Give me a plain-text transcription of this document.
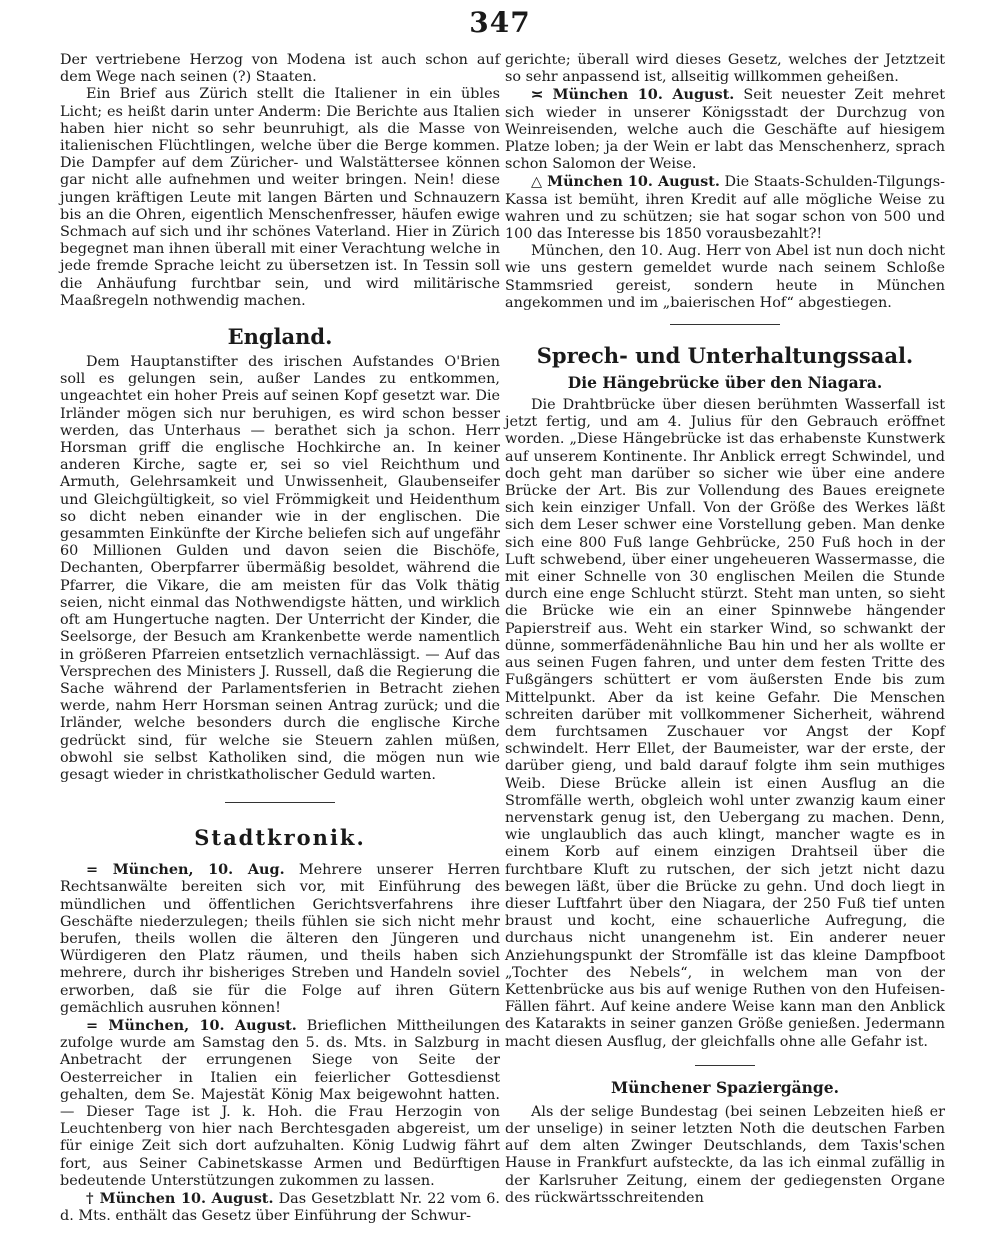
347

Der vertriebene Herzog von Modena ist auch schon auf dem Wege nach seinen (?) Staaten.

Ein Brief aus Zürich stellt die Italiener in ein übles Licht; es heißt darin unter Anderm: Die Berichte aus Italien haben hier nicht so sehr beunruhigt, als die Masse von italienischen Flüchtlingen, welche über die Berge kommen. Die Dampfer auf dem Züricher- und Walstättersee können gar nicht alle aufnehmen und weiter bringen. Nein! diese jungen kräftigen Leute mit langen Bärten und Schnauzern bis an die Ohren, eigentlich Menschenfresser, häufen ewige Schmach auf sich und ihr schönes Vaterland. Hier in Zürich begegnet man ihnen überall mit einer Verachtung welche in jede fremde Sprache leicht zu übersetzen ist. In Tessin soll die Anhäufung furchtbar sein, und wird militärische Maaßregeln nothwendig machen.

England.

Dem Hauptanstifter des irischen Aufstandes O'Brien soll es gelungen sein, außer Landes zu entkommen, ungeachtet ein hoher Preis auf seinen Kopf gesetzt war. Die Irländer mögen sich nur beruhigen, es wird schon besser werden, das Unterhaus — berathet sich ja schon. Herr Horsman griff die englische Hochkirche an. In keiner anderen Kirche, sagte er, sei so viel Reichthum und Armuth, Gelehrsamkeit und Unwissenheit, Glaubenseifer und Gleichgültigkeit, so viel Frömmigkeit und Heidenthum so dicht neben einander wie in der englischen. Die gesammten Einkünfte der Kirche beliefen sich auf ungefähr 60 Millionen Gulden und davon seien die Bischöfe, Dechanten, Oberpfarrer übermäßig besoldet, während die Pfarrer, die Vikare, die am meisten für das Volk thätig seien, nicht einmal das Nothwendigste hätten, und wirklich oft am Hungertuche nagten. Der Unterricht der Kinder, die Seelsorge, der Besuch am Krankenbette werde namentlich in größeren Pfarreien entsetzlich vernachlässigt. — Auf das Versprechen des Ministers J. Russell, daß die Regierung die Sache während der Parlamentsferien in Betracht ziehen werde, nahm Herr Horsman seinen Antrag zurück; und die Irländer, welche besonders durch die englische Kirche gedrückt sind, für welche sie Steuern zahlen müßen, obwohl sie selbst Katholiken sind, die mögen nun wie gesagt wieder in christkatholischer Geduld warten.

Stadtkronik.

= München, 10. Aug. Mehrere unserer Herren Rechtsanwälte bereiten sich vor, mit Einführung des mündlichen und öffentlichen Gerichtsverfahrens ihre Geschäfte niederzulegen; theils fühlen sie sich nicht mehr berufen, theils wollen die älteren den Jüngeren und Würdigeren den Platz räumen, und theils haben sich mehrere, durch ihr bisheriges Streben und Handeln soviel erworben, daß sie für die Folge auf ihren Gütern gemächlich ausruhen können!

= München, 10. August. Brieflichen Mittheilungen zufolge wurde am Samstag den 5. ds. Mts. in Salzburg in Anbetracht der errungenen Siege von Seite der Oesterreicher in Italien ein feierlicher Gottesdienst gehalten, dem Se. Majestät König Max beigewohnt hatten. — Dieser Tage ist J. k. Hoh. die Frau Herzogin von Leuchtenberg von hier nach Berchtesgaden abgereist, um für einige Zeit sich dort aufzuhalten. König Ludwig fährt fort, aus Seiner Cabinetskasse Armen und Bedürftigen bedeutende Unterstützungen zukommen zu lassen.

† München 10. August. Das Gesetzblatt Nr. 22 vom 6. d. Mts. enthält das Gesetz über Einführung der Schwur-

gerichte; überall wird dieses Gesetz, welches der Jetztzeit so sehr anpassend ist, allseitig willkommen geheißen.

≍ München 10. August. Seit neuester Zeit mehret sich wieder in unserer Königsstadt der Durchzug von Weinreisenden, welche auch die Geschäfte auf hiesigem Platze loben; ja der Wein er labt das Menschenherz, sprach schon Salomon der Weise.

△ München 10. August. Die Staats-Schulden-Tilgungs-Kassa ist bemüht, ihren Kredit auf alle mögliche Weise zu wahren und zu schützen; sie hat sogar schon von 500 und 100 das Interesse bis 1850 vorausbezahlt?!

München, den 10. Aug. Herr von Abel ist nun doch nicht wie uns gestern gemeldet wurde nach seinem Schloße Stammsried gereist, sondern heute in München angekommen und im „baierischen Hof“ abgestiegen.

Sprech- und Unterhaltungssaal.
Die Hängebrücke über den Niagara.

Die Drahtbrücke über diesen berühmten Wasserfall ist jetzt fertig, und am 4. Julius für den Gebrauch eröffnet worden. „Diese Hängebrücke ist das erhabenste Kunstwerk auf unserem Kontinente. Ihr Anblick erregt Schwindel, und doch geht man darüber so sicher wie über eine andere Brücke der Art. Bis zur Vollendung des Baues ereignete sich kein einziger Unfall. Von der Größe des Werkes läßt sich dem Leser schwer eine Vorstellung geben. Man denke sich eine 800 Fuß lange Gehbrücke, 250 Fuß hoch in der Luft schwebend, über einer ungeheueren Wassermasse, die mit einer Schnelle von 30 englischen Meilen die Stunde durch eine enge Schlucht stürzt. Steht man unten, so sieht die Brücke wie ein an einer Spinnwebe hängender Papierstreif aus. Weht ein starker Wind, so schwankt der dünne, sommerfädenähnliche Bau hin und her als wollte er aus seinen Fugen fahren, und unter dem festen Tritte des Fußgängers schüttert er vom äußersten Ende bis zum Mittelpunkt. Aber da ist keine Gefahr. Die Menschen schreiten darüber mit vollkommener Sicherheit, während dem furchtsamen Zuschauer vor Angst der Kopf schwindelt. Herr Ellet, der Baumeister, war der erste, der darüber gieng, und bald darauf folgte ihm sein muthiges Weib. Diese Brücke allein ist einen Ausflug an die Stromfälle werth, obgleich wohl unter zwanzig kaum einer nervenstark genug ist, den Uebergang zu machen. Denn, wie unglaublich das auch klingt, mancher wagte es in einem Korb auf einem einzigen Drahtseil über die furchtbare Kluft zu rutschen, der sich jetzt nicht dazu bewegen läßt, über die Brücke zu gehn. Und doch liegt in dieser Luftfahrt über den Niagara, der 250 Fuß tief unten braust und kocht, eine schauerliche Aufregung, die durchaus nicht unangenehm ist. Ein anderer neuer Anziehungspunkt der Stromfälle ist das kleine Dampfboot „Tochter des Nebels“, in welchem man von der Kettenbrücke aus bis auf wenige Ruthen von den Hufeisen-Fällen fährt. Auf keine andere Weise kann man den Anblick des Katarakts in seiner ganzen Größe genießen. Jedermann macht diesen Ausflug, der gleichfalls ohne alle Gefahr ist.

Münchener Spaziergänge.

Als der selige Bundestag (bei seinen Lebzeiten hieß er der unselige) in seiner letzten Noth die deutschen Farben auf dem alten Zwinger Deutschlands, dem Taxis'schen Hause in Frankfurt aufsteckte, da las ich einmal zufällig in der Karlsruher Zeitung, einem der gediegensten Organe des rückwärtsschreitenden
